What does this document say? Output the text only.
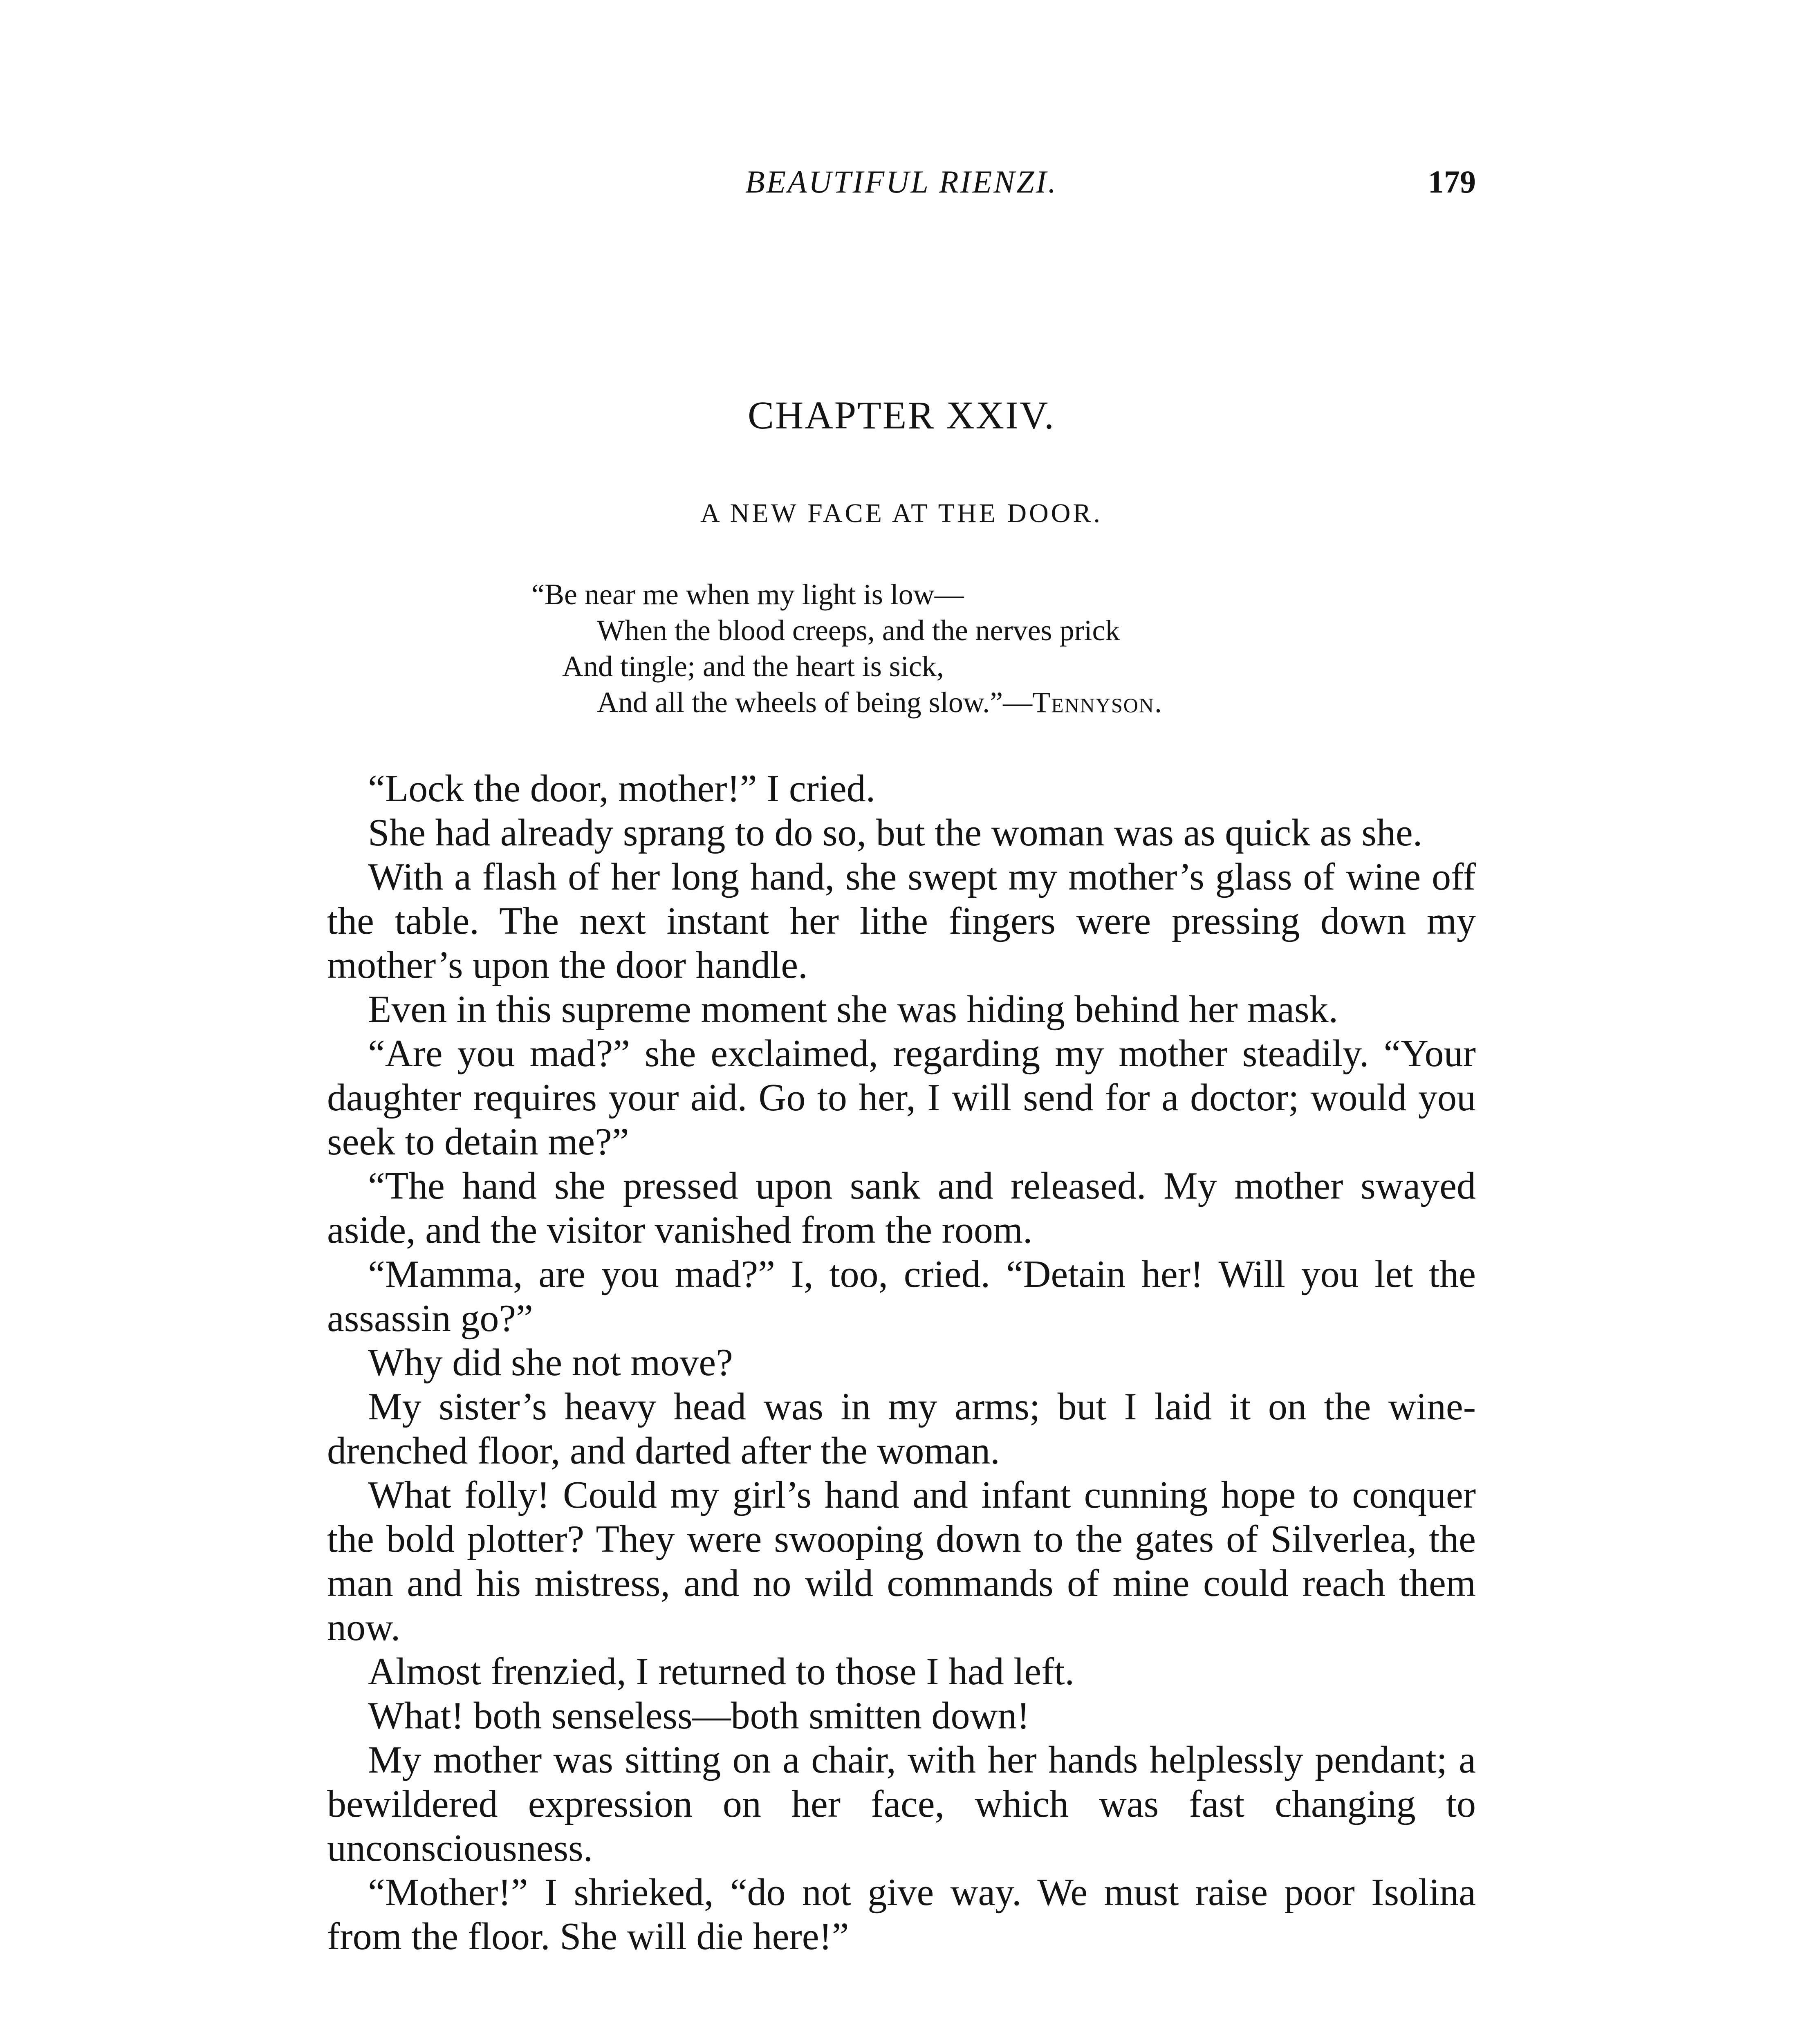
BEAUTIFUL RIENZI.	179
CHAPTER XXIV.
A NEW FACE AT THE DOOR.
“Be near me when my light is low—
When the blood creeps, and the nerves prick
And tingle; and the heart is sick,
And all the wheels of being slow.”—Tennyson.

“Lock the door, mother!” I cried.

She had already sprang to do so, but the woman was as quick as she.

With a flash of her long hand, she swept my mother’s glass of wine off the table. The next instant her lithe fingers were pressing down my mother’s upon the door handle.

Even in this supreme moment she was hiding behind her mask.

“Are you mad?” she exclaimed, regarding my mother steadily. “Your daughter requires your aid. Go to her, I will send for a doctor; would you seek to detain me?”

“The hand she pressed upon sank and released. My mother swayed aside, and the visitor vanished from the room.

“Mamma, are you mad?” I, too, cried. “Detain her! Will you let the assassin go?”

Why did she not move?

My sister’s heavy head was in my arms; but I laid it on the wine-drenched floor, and darted after the woman.

What folly! Could my girl’s hand and infant cunning hope to conquer the bold plotter? They were swooping down to the gates of Silverlea, the man and his mistress, and no wild commands of mine could reach them now.

Almost frenzied, I returned to those I had left.

What! both senseless—both smitten down!

My mother was sitting on a chair, with her hands helplessly pendant; a bewildered expression on her face, which was fast changing to unconsciousness.

“Mother!” I shrieked, “do not give way. We must raise poor Isolina from the floor. She will die here!”
